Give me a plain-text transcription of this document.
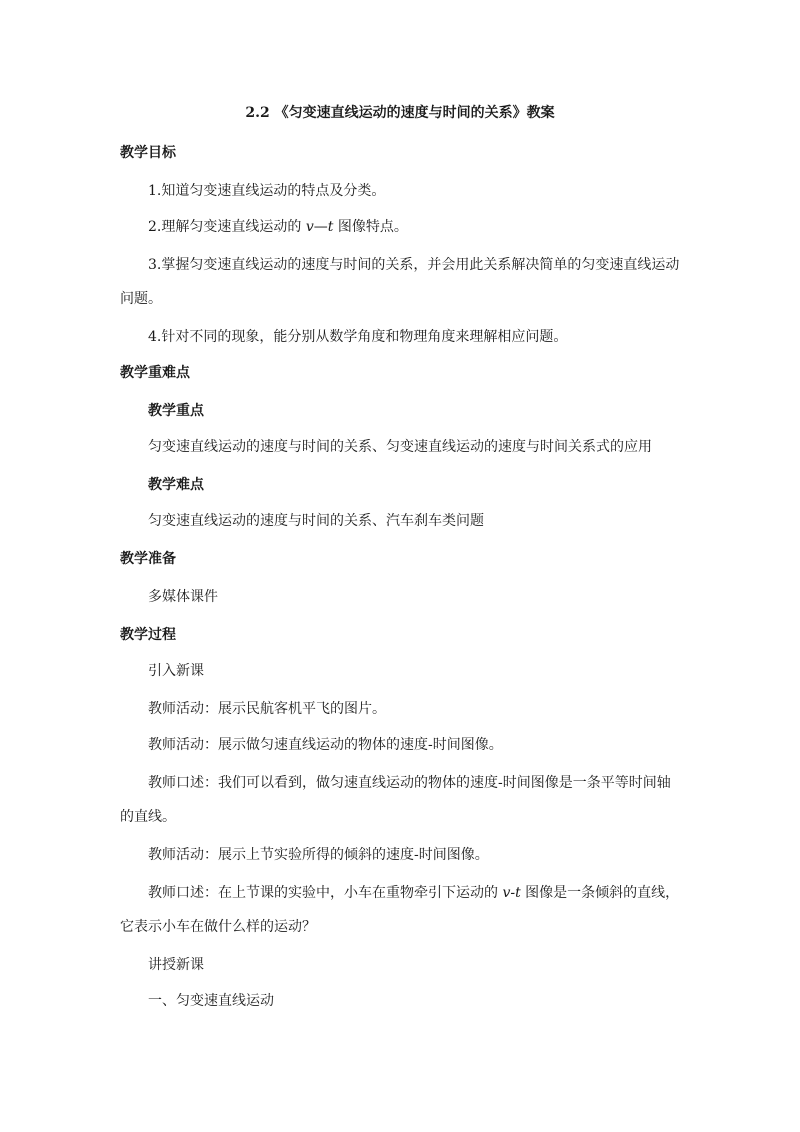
2.2 《匀变速直线运动的速度与时间的关系》教案
教学目标
1.知道匀变速直线运动的特点及分类。
2.理解匀变速直线运动的 v—t 图像特点。
3.掌握匀变速直线运动的速度与时间的关系，并会用此关系解决简单的匀变速直线运动
问题。
4.针对不同的现象，能分别从数学角度和物理角度来理解相应问题。
教学重难点
教学重点
匀变速直线运动的速度与时间的关系、匀变速直线运动的速度与时间关系式的应用
教学难点
匀变速直线运动的速度与时间的关系、汽车刹车类问题
教学准备
多媒体课件
教学过程
引入新课
教师活动：展示民航客机平飞的图片。
教师活动：展示做匀速直线运动的物体的速度-时间图像。
教师口述：我们可以看到，做匀速直线运动的物体的速度-时间图像是一条平等时间轴
的直线。
教师活动：展示上节实验所得的倾斜的速度-时间图像。
教师口述：在上节课的实验中，小车在重物牵引下运动的 v-t 图像是一条倾斜的直线，
它表示小车在做什么样的运动？
讲授新课
一、匀变速直线运动
